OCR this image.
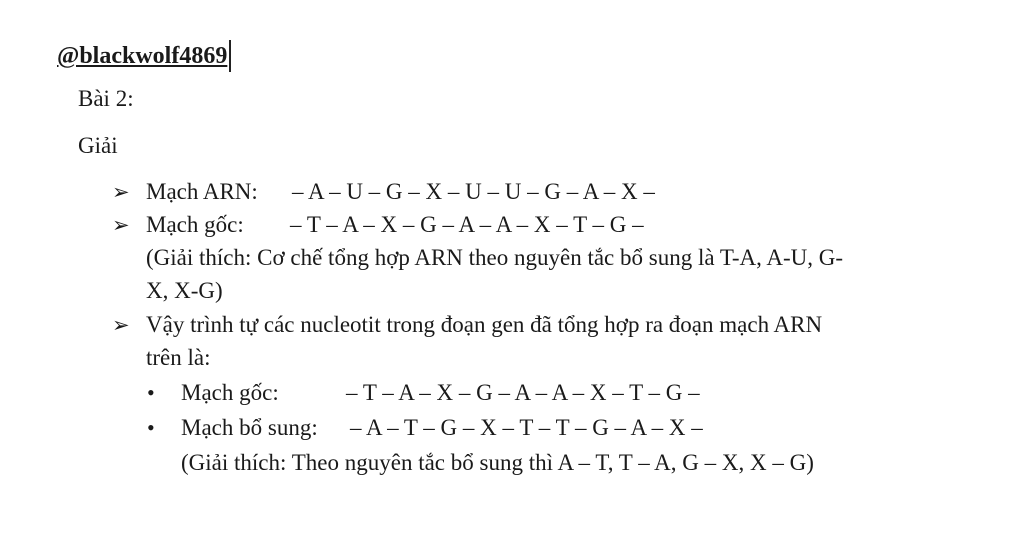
@blackwolf4869
Bài 2:
Giải
➢ Mạch ARN: – A – U – G – X – U – U – G – A – X –
➢ Mạch gốc: – T – A – X – G – A – A – X – T – G –
(Giải thích: Cơ chế tổng hợp ARN theo nguyên tắc bổ sung là T-A, A-U, G-
X, X-G)
➢ Vậy trình tự các nucleotit trong đoạn gen đã tổng hợp ra đoạn mạch ARN
trên là:
• Mạch gốc:	– T – A – X – G – A – A – X – T – G –
• Mạch bổ sung: – A – T – G – X – T – T – G – A – X –
(Giải thích: Theo nguyên tắc bổ sung thì A – T, T – A, G – X, X – G)
